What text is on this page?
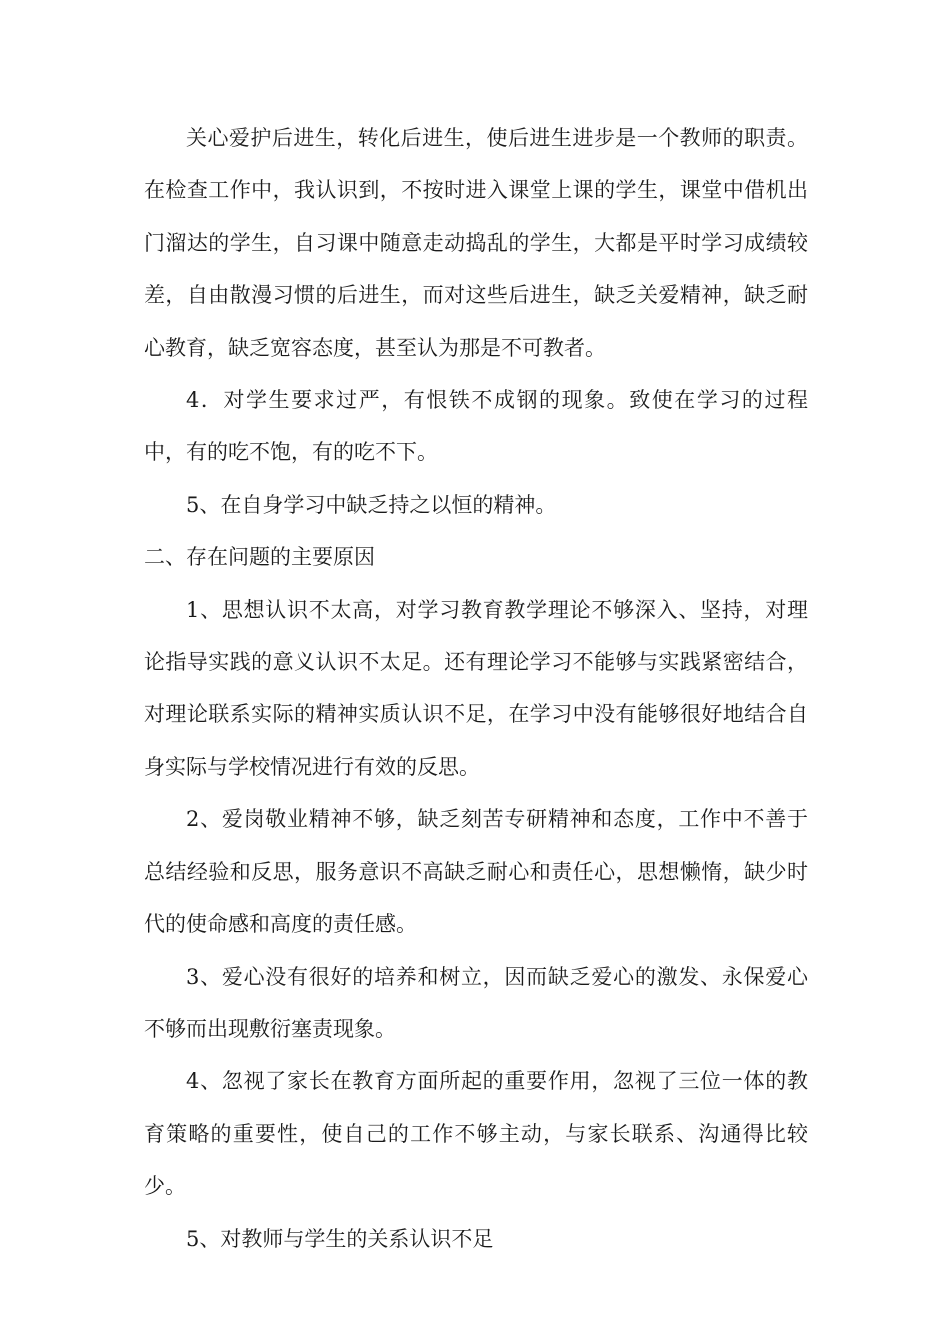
关心爱护后进生，转化后进生，使后进生进步是一个教师的职责。在检查工作中，我认识到，不按时进入课堂上课的学生，课堂中借机出门溜达的学生，自习课中随意走动捣乱的学生，大都是平时学习成绩较差，自由散漫习惯的后进生，而对这些后进生，缺乏关爱精神，缺乏耐心教育，缺乏宽容态度，甚至认为那是不可教者。

4．对学生要求过严，有恨铁不成钢的现象。致使在学习的过程中，有的吃不饱，有的吃不下。

5、在自身学习中缺乏持之以恒的精神。

二、存在问题的主要原因

1、思想认识不太高，对学习教育教学理论不够深入、坚持，对理论指导实践的意义认识不太足。还有理论学习不能够与实践紧密结合，对理论联系实际的精神实质认识不足，在学习中没有能够很好地结合自身实际与学校情况进行有效的反思。

2、爱岗敬业精神不够，缺乏刻苦专研精神和态度，工作中不善于总结经验和反思，服务意识不高缺乏耐心和责任心，思想懒惰，缺少时代的使命感和高度的责任感。

3、爱心没有很好的培养和树立，因而缺乏爱心的激发、永保爱心不够而出现敷衍塞责现象。

4、忽视了家长在教育方面所起的重要作用，忽视了三位一体的教育策略的重要性，使自己的工作不够主动，与家长联系、沟通得比较少。

5、对教师与学生的关系认识不足
